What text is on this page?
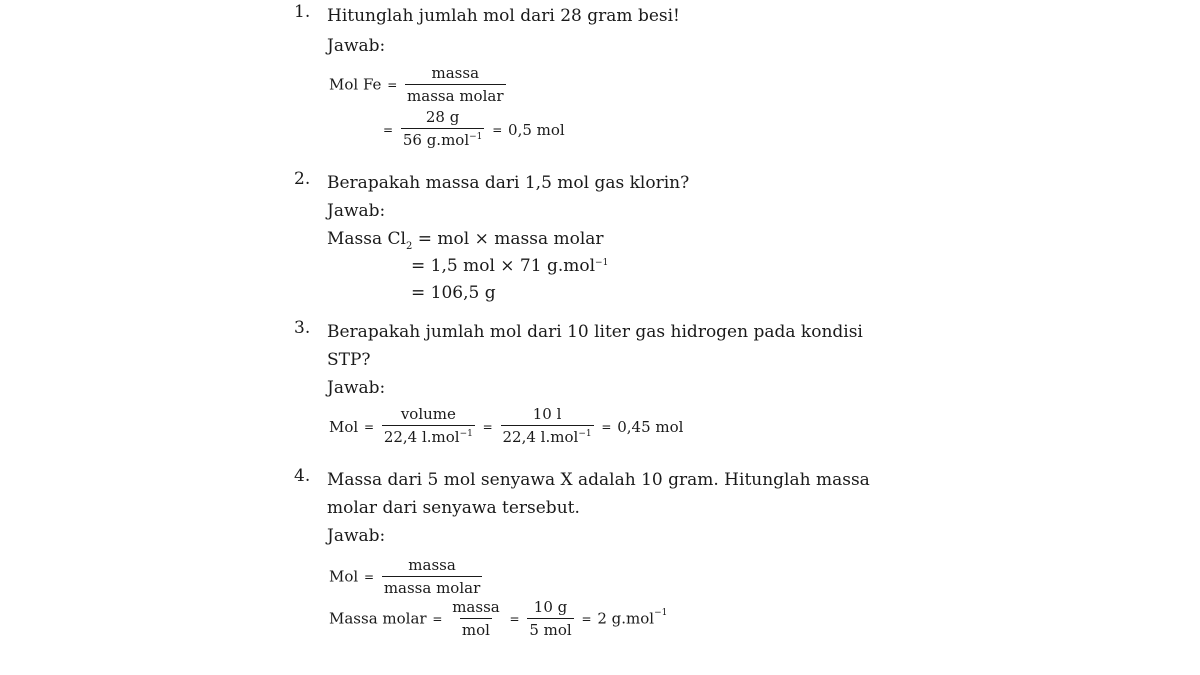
1. Hitunglah jumlah mol dari 28 gram besi!
Jawab:
Mol $Fe = \frac{\text{massa}}{\text{massa molar}}$
= $\frac{28 g}{56 g.mol^{-1}} = 0,5$ mol
2. Berapakah massa dari 1,5 mol gas klorin?
Jawab:
Massa $Cl_2$ = mol × massa molar
= 1,5 mol × 71 g.mol$^{-1}$
= 106,5 g
3. Berapakah jumlah mol dari 10 liter gas hidrogen pada kondisi STP?
Jawab:
Mol = $\frac{\text{volume}}{22,4 l.mol^{-1}} = \frac{10 l}{22,4 l.mol^{-1}} = 0,45$ mol
4. Massa dari 5 mol senyawa X adalah 10 gram. Hitunglah massa molar dari senyawa tersebut.
Jawab:
Mol = $\frac{\text{massa}}{\text{massa molar}}$
Massa molar = $\frac{\text{massa}}{\text{mol}} = \frac{10 g}{\text{5 mol}} = 2$ g.mol$^{-1}$
